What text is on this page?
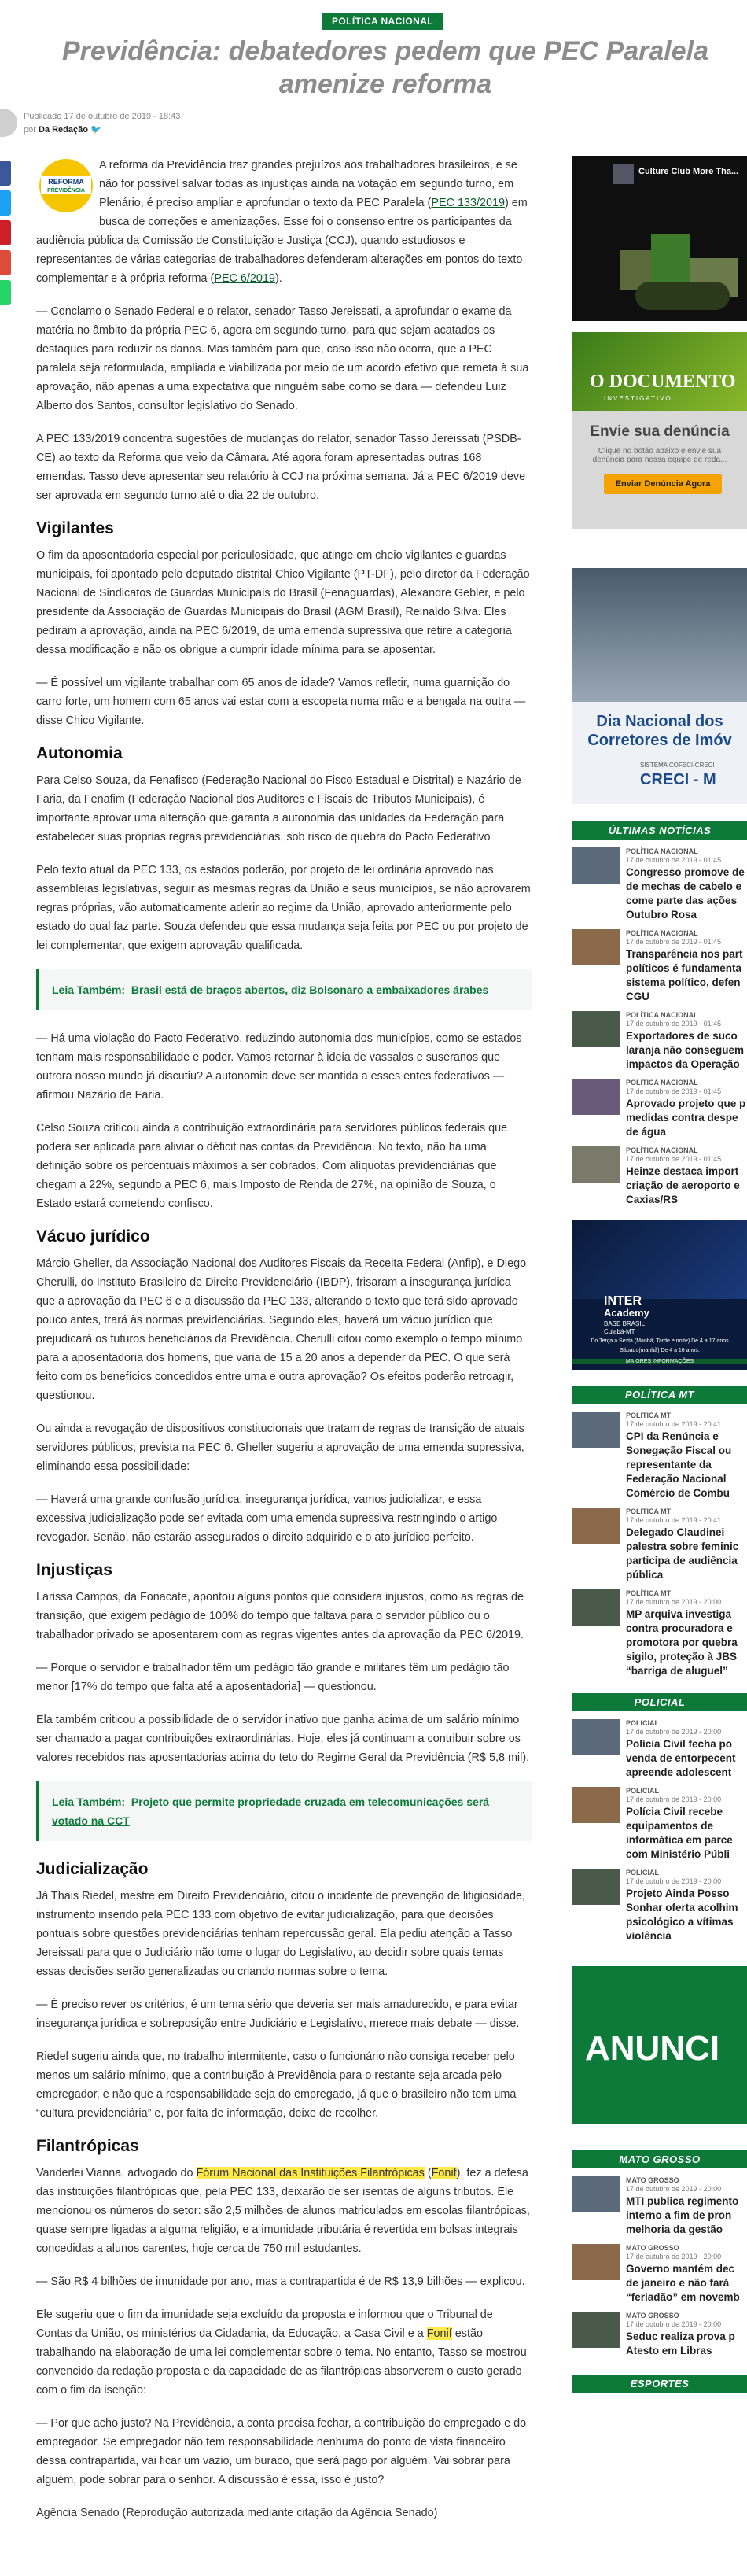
POLÍTICA NACIONAL
Previdência: debatedores pedem que PEC Paralela amenize reforma
Publicado 17 de outubro de 2019 - 18:43
por Da Redação 🐦

REFORMA
PREVIDÊNCIA
A reforma da Previdência traz grandes prejuízos aos trabalhadores brasileiros, e se não for possível salvar todas as injustiças ainda na votação em segundo turno, em Plenário, é preciso ampliar e aprofundar o texto da PEC Paralela (PEC 133/2019) em busca de correções e amenizações. Esse foi o consenso entre os participantes da audiência pública da Comissão de Constituição e Justiça (CCJ), quando estudiosos e representantes de várias categorias de trabalhadores defenderam alterações em pontos do texto complementar e à própria reforma (PEC 6/2019).

— Conclamo o Senado Federal e o relator, senador Tasso Jereissati, a aprofundar o exame da matéria no âmbito da própria PEC 6, agora em segundo turno, para que sejam acatados os destaques para reduzir os danos. Mas também para que, caso isso não ocorra, que a PEC paralela seja reformulada, ampliada e viabilizada por meio de um acordo efetivo que remeta à sua aprovação, não apenas a uma expectativa que ninguém sabe como se dará — defendeu Luiz Alberto dos Santos, consultor legislativo do Senado.

A PEC 133/2019 concentra sugestões de mudanças do relator, senador Tasso Jereissati (PSDB-CE) ao texto da Reforma que veio da Câmara. Até agora foram apresentadas outras 168 emendas. Tasso deve apresentar seu relatório à CCJ na próxima semana. Já a PEC 6/2019 deve ser aprovada em segundo turno até o dia 22 de outubro.

Vigilantes

O fim da aposentadoria especial por periculosidade, que atinge em cheio vigilantes e guardas municipais, foi apontado pelo deputado distrital Chico Vigilante (PT-DF), pelo diretor da Federação Nacional de Sindicatos de Guardas Municipais do Brasil (Fenaguardas), Alexandre Gebler, e pelo presidente da Associação de Guardas Municipais do Brasil (AGM Brasil), Reinaldo Silva. Eles pediram a aprovação, ainda na PEC 6/2019, de uma emenda supressiva que retire a categoria dessa modificação e não os obrigue a cumprir idade mínima para se aposentar.

— É possível um vigilante trabalhar com 65 anos de idade? Vamos refletir, numa guarnição do carro forte, um homem com 65 anos vai estar com a escopeta numa mão e a bengala na outra — disse Chico Vigilante.

Autonomia

Para Celso Souza, da Fenafisco (Federação Nacional do Fisco Estadual e Distrital) e Nazário de Faria, da Fenafim (Federação Nacional dos Auditores e Fiscais de Tributos Municipais), é importante aprovar uma alteração que garanta a autonomia das unidades da Federação para estabelecer suas próprias regras previdenciárias, sob risco de quebra do Pacto Federativo

Pelo texto atual da PEC 133, os estados poderão, por projeto de lei ordinária aprovado nas assembleias legislativas, seguir as mesmas regras da União e seus municípios, se não aprovarem regras próprias, vão automaticamente aderir ao regime da União, aprovado anteriormente pelo estado do qual faz parte. Souza defendeu que essa mudança seja feita por PEC ou por projeto de lei complementar, que exigem aprovação qualificada.

Leia Também: Brasil está de braços abertos, diz Bolsonaro a embaixadores árabes

— Há uma violação do Pacto Federativo, reduzindo autonomia dos municípios, como se estados tenham mais responsabilidade e poder. Vamos retornar à ideia de vassalos e suseranos que outrora nosso mundo já discutiu? A autonomia deve ser mantida a esses entes federativos — afirmou Nazário de Faria.

Celso Souza criticou ainda a contribuição extraordinária para servidores públicos federais que poderá ser aplicada para aliviar o déficit nas contas da Previdência. No texto, não há uma definição sobre os percentuais máximos a ser cobrados. Com alíquotas previdenciárias que chegam a 22%, segundo a PEC 6, mais Imposto de Renda de 27%, na opinião de Souza, o Estado estará cometendo confisco.

Vácuo jurídico

Márcio Gheller, da Associação Nacional dos Auditores Fiscais da Receita Federal (Anfip), e Diego Cherulli, do Instituto Brasileiro de Direito Previdenciário (IBDP), frisaram a insegurança jurídica que a aprovação da PEC 6 e a discussão da PEC 133, alterando o texto que terá sido aprovado pouco antes, trará às normas previdenciárias. Segundo eles, haverá um vácuo jurídico que prejudicará os futuros beneficiários da Previdência. Cherulli citou como exemplo o tempo mínimo para a aposentadoria dos homens, que varia de 15 a 20 anos a depender da PEC. O que será feito com os benefícios concedidos entre uma e outra aprovação? Os efeitos poderão retroagir, questionou.

Ou ainda a revogação de dispositivos constitucionais que tratam de regras de transição de atuais servidores públicos, prevista na PEC 6. Gheller sugeriu a aprovação de uma emenda supressiva, eliminando essa possibilidade:

— Haverá uma grande confusão jurídica, insegurança jurídica, vamos judicializar, e essa excessiva judicialização pode ser evitada com uma emenda supressiva restringindo o artigo revogador. Senão, não estarão assegurados o direito adquirido e o ato jurídico perfeito.

Injustiças

Larissa Campos, da Fonacate, apontou alguns pontos que considera injustos, como as regras de transição, que exigem pedágio de 100% do tempo que faltava para o servidor público ou o trabalhador privado se aposentarem com as regras vigentes antes da aprovação da PEC 6/2019.

— Porque o servidor e trabalhador têm um pedágio tão grande e militares têm um pedágio tão menor [17% do tempo que falta até a aposentadoria] — questionou.

Ela também criticou a possibilidade de o servidor inativo que ganha acima de um salário mínimo ser chamado a pagar contribuições extraordinárias. Hoje, eles já continuam a contribuir sobre os valores recebidos nas aposentadorias acima do teto do Regime Geral da Previdência (R$ 5,8 mil).

Leia Também: Projeto que permite propriedade cruzada em telecomunicações será votado na CCT
Judicialização

Já Thais Riedel, mestre em Direito Previdenciário, citou o incidente de prevenção de litigiosidade, instrumento inserido pela PEC 133 com objetivo de evitar judicialização, para que decisões pontuais sobre questões previdenciárias tenham repercussão geral. Ela pediu atenção a Tasso Jereissati para que o Judiciário não tome o lugar do Legislativo, ao decidir sobre quais temas essas decisões serão generalizadas ou criando normas sobre o tema.

— É preciso rever os critérios, é um tema sério que deveria ser mais amadurecido, e para evitar insegurança jurídica e sobreposição entre Judiciário e Legislativo, merece mais debate — disse.

Riedel sugeriu ainda que, no trabalho intermitente, caso o funcionário não consiga receber pelo menos um salário mínimo, que a contribuição à Previdência para o restante seja arcada pelo empregador, e não que a responsabilidade seja do empregado, já que o brasileiro não tem uma “cultura previdenciária” e, por falta de informação, deixe de recolher.

Filantrópicas

Vanderlei Vianna, advogado do Fórum Nacional das Instituições Filantrópicas (Fonif), fez a defesa das instituições filantrópicas que, pela PEC 133, deixarão de ser isentas de alguns tributos. Ele mencionou os números do setor: são 2,5 milhões de alunos matriculados em escolas filantrópicas, quase sempre ligadas a alguma religião, e a imunidade tributária é revertida em bolsas integrais concedidas a alunos carentes, hoje cerca de 750 mil estudantes.

— São R$ 4 bilhões de imunidade por ano, mas a contrapartida é de R$ 13,9 bilhões — explicou.

Ele sugeriu que o fim da imunidade seja excluído da proposta e informou que o Tribunal de Contas da União, os ministérios da Cidadania, da Educação, a Casa Civil e a Fonif estão trabalhando na elaboração de uma lei complementar sobre o tema. No entanto, Tasso se mostrou convencido da redação proposta e da capacidade de as filantrópicas absorverem o custo gerado com o fim da isenção:

— Por que acho justo? Na Previdência, a conta precisa fechar, a contribuição do empregado e do empregador. Se empregador não tem responsabilidade nenhuma do ponto de vista financeiro dessa contrapartida, vai ficar um vazio, um buraco, que será pago por alguém. Vai sobrar para alguém, pode sobrar para o senhor. A discussão é essa, isso é justo?

Agência Senado (Reprodução autorizada mediante citação da Agência Senado)

Culture Club More Tha...
O DOCUMENTO
INVESTIGATIVO
Envie sua denúncia
Clique no botão abaixo e envie sua denúncia para nossa equipe de reda...
Enviar Denúncia Agora
Dia Nacional dos
Corretores de Imóv
SISTEMA COFECI-CRECI
CRECI - M
ÚLTIMAS NOTÍCIAS
POLÍTICA NACIONAL
17 de outubro de 2019 - 01:45
Congresso promove de
de mechas de cabelo e
come parte das ações
Outubro Rosa
POLÍTICA NACIONAL
17 de outubro de 2019 - 01:45
Transparência nos part
políticos é fundamenta
sistema político, defen
CGU
POLÍTICA NACIONAL
17 de outubro de 2019 - 01:45
Exportadores de suco
laranja não conseguem
impactos da Operação
POLÍTICA NACIONAL
17 de outubro de 2019 - 01:45
Aprovado projeto que p
medidas contra despe
de água
POLÍTICA NACIONAL
17 de outubro de 2019 - 01:45
Heinze destaca import
criação de aeroporto e
Caxias/RS
INTER
Academy
BASE BRASIL
Cuiabá-MT
Do Terça a Sexta (Manhã, Tarde e noite) De 4 a 17 anos
Sábado(manhã) De 4 a 16 anos.
MAIORES INFORMAÇÕES
POLÍTICA MT
POLÍTICA MT
17 de outubro de 2019 - 20:41
CPI da Renúncia e
Sonegação Fiscal ou
representante da
Federação Nacional
Comércio de Combu
POLÍTICA MT
17 de outubro de 2019 - 20:41
Delegado Claudinei
palestra sobre feminic
participa de audiência
pública
POLÍTICA MT
17 de outubro de 2019 - 20:00
MP arquiva investiga
contra procuradora e
promotora por quebra
sigilo, proteção à JBS
“barriga de aluguel”
POLICIAL
POLICIAL
17 de outubro de 2019 - 20:00
Polícia Civil fecha po
venda de entorpecent
apreende adolescent
POLICIAL
17 de outubro de 2019 - 20:00
Polícia Civil recebe
equipamentos de
informática em parce
com Ministério Públi
POLICIAL
17 de outubro de 2019 - 20:00
Projeto Ainda Posso
Sonhar oferta acolhim
psicológico a vítimas
violência
ANUNCI
MATO GROSSO
MATO GROSSO
17 de outubro de 2019 - 20:00
MTI publica regimento
interno a fim de pron
melhoria da gestão
MATO GROSSO
17 de outubro de 2019 - 20:00
Governo mantém dec
de janeiro e não fará
“feriadão” em novemb
MATO GROSSO
17 de outubro de 2019 - 20:00
Seduc realiza prova p
Atesto em Libras
ESPORTES
